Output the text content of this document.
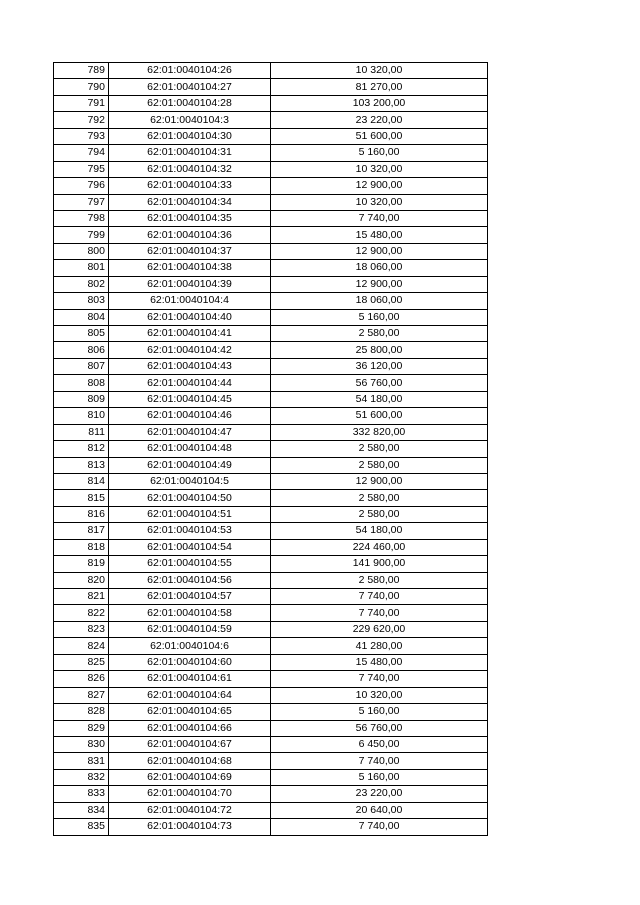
789	62:01:0040104:26	10 320,00
790	62:01:0040104:27	81 270,00
791	62:01:0040104:28	103 200,00
792	62:01:0040104:3	23 220,00
793	62:01:0040104:30	51 600,00
794	62:01:0040104:31	5 160,00
795	62:01:0040104:32	10 320,00
796	62:01:0040104:33	12 900,00
797	62:01:0040104:34	10 320,00
798	62:01:0040104:35	7 740,00
799	62:01:0040104:36	15 480,00
800	62:01:0040104:37	12 900,00
801	62:01:0040104:38	18 060,00
802	62:01:0040104:39	12 900,00
803	62:01:0040104:4	18 060,00
804	62:01:0040104:40	5 160,00
805	62:01:0040104:41	2 580,00
806	62:01:0040104:42	25 800,00
807	62:01:0040104:43	36 120,00
808	62:01:0040104:44	56 760,00
809	62:01:0040104:45	54 180,00
810	62:01:0040104:46	51 600,00
811	62:01:0040104:47	332 820,00
812	62:01:0040104:48	2 580,00
813	62:01:0040104:49	2 580,00
814	62:01:0040104:5	12 900,00
815	62:01:0040104:50	2 580,00
816	62:01:0040104:51	2 580,00
817	62:01:0040104:53	54 180,00
818	62:01:0040104:54	224 460,00
819	62:01:0040104:55	141 900,00
820	62:01:0040104:56	2 580,00
821	62:01:0040104:57	7 740,00
822	62:01:0040104:58	7 740,00
823	62:01:0040104:59	229 620,00
824	62:01:0040104:6	41 280,00
825	62:01:0040104:60	15 480,00
826	62:01:0040104:61	7 740,00
827	62:01:0040104:64	10 320,00
828	62:01:0040104:65	5 160,00
829	62:01:0040104:66	56 760,00
830	62:01:0040104:67	6 450,00
831	62:01:0040104:68	7 740,00
832	62:01:0040104:69	5 160,00
833	62:01:0040104:70	23 220,00
834	62:01:0040104:72	20 640,00
835	62:01:0040104:73	7 740,00
